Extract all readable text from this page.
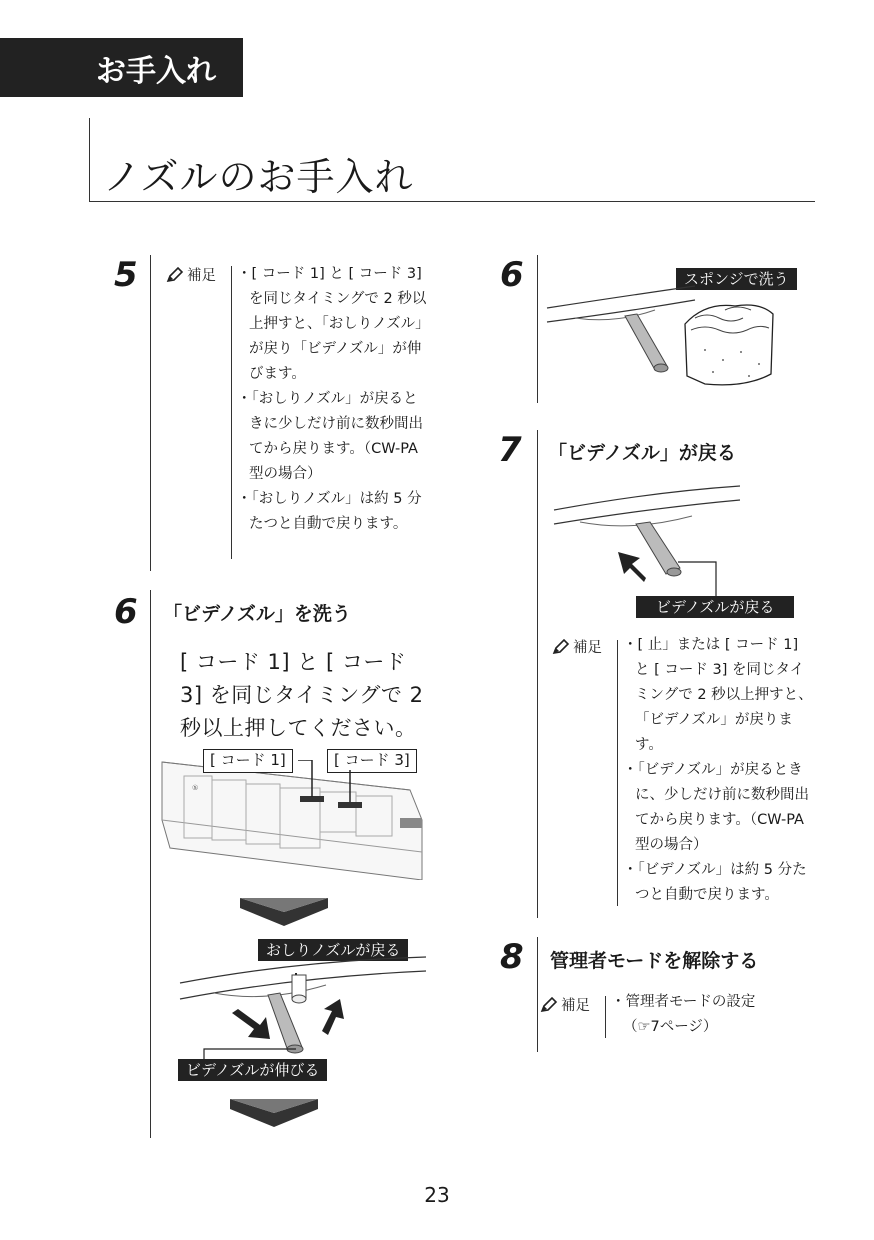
お手入れ
ノズルのお手入れ
5	補足 ・[ コード 1] と [ コード 3] を同じタイミングで 2 秒以上押すと、「おしりノズル」が戻り「ビデノズル」が伸びます。
・「おしりノズル」が戻るときに少しだけ前に数秒間出てから戻ります。（CW-PA 型の場合）
・「おしりノズル」は約 5 分たつと自動で戻ります。
6 「ビデノズル」を洗う
[ コード 1] と [ コード 3] を同じタイミングで 2 秒以上押してください。
⑤
[ コード 1]	[ コード 3]
おしりノズルが戻る
ビデノズルが伸びる
6	スポンジで洗う
7 「ビデノズル」が戻る
ビデノズルが戻る
補足 ・[ 止」または [ コード 1] と [ コード 3] を同じタイミングで 2 秒以上押すと、「ビデノズル」が戻ります。
・「ビデノズル」が戻るときに、少しだけ前に数秒間出てから戻ります。（CW-PA 型の場合）
・「ビデノズル」は約 5 分たつと自動で戻ります。
8 管理者モードを解除する
補足 ・管理者モードの設定
（☞7ページ）
23
